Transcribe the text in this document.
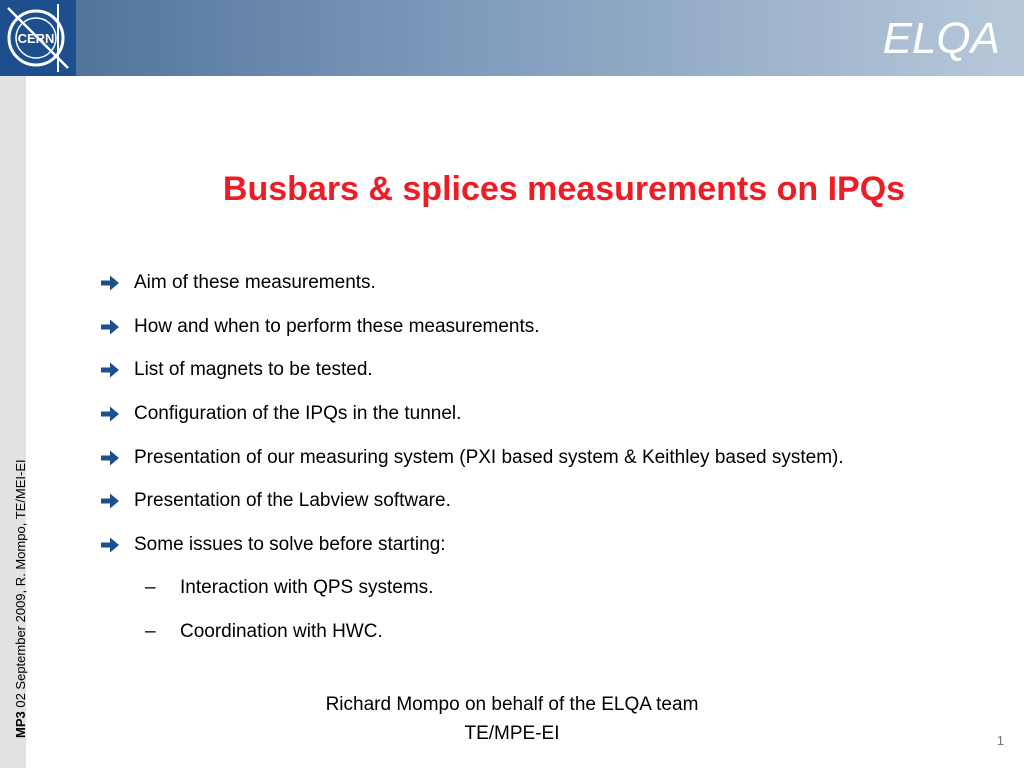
CERN	ELQA
MP3 02 September 2009, R. Mompo, TE/MEI-EI
Busbars & splices measurements on IPQs
Aim of these measurements.
How and when to perform these measurements.
List of magnets to be tested.
Configuration of the IPQs in the tunnel.
Presentation of our measuring system (PXI based system & Keithley based system).
Presentation of the Labview software.
Some issues to solve before starting:
– Interaction with QPS systems.
– Coordination with HWC.
Richard Mompo on behalf of the ELQA team
TE/MPE-EI	1
